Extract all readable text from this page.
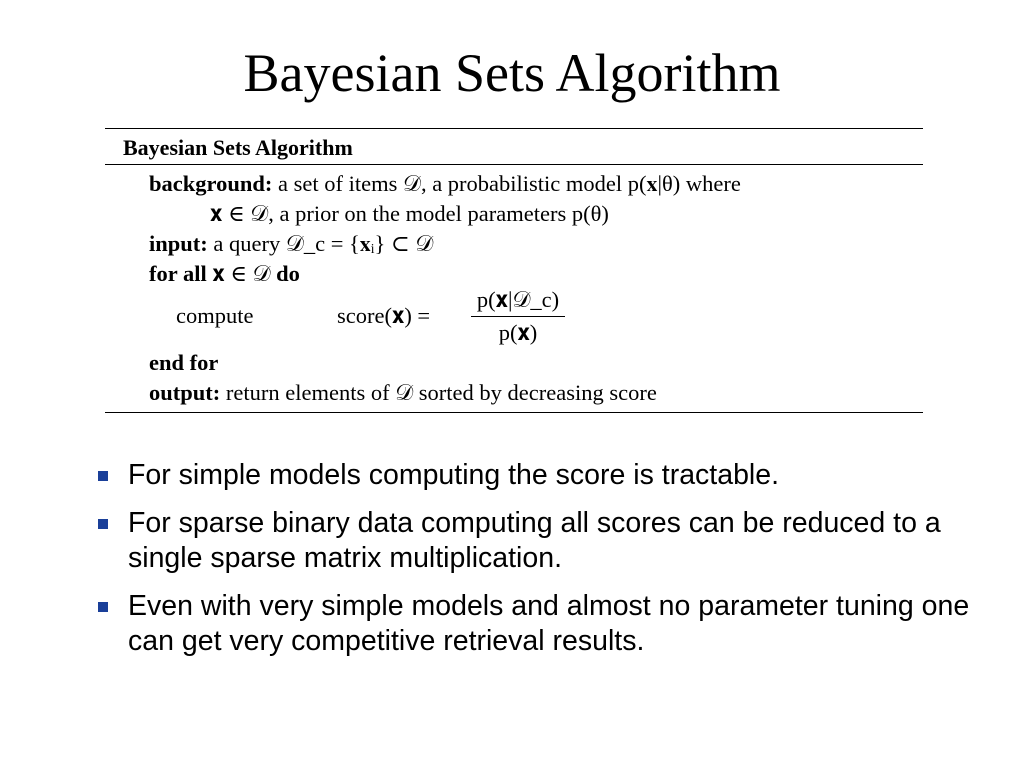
Bayesian Sets Algorithm
Bayesian Sets Algorithm
background: a set of items 𝒟, a probabilistic model p(𝐱|θ) where
𝐱 ∈ 𝒟, a prior on the model parameters p(θ)
input: a query 𝒟_c = {𝐱ᵢ} ⊂ 𝒟
for all 𝐱 ∈ 𝒟 do
compute	score(𝐱) =
p(𝐱|𝒟_c)
p(𝐱)
end for
output: return elements of 𝒟 sorted by decreasing score
For simple models computing the score is tractable.
For sparse binary data computing all scores can be reduced to a single sparse matrix multiplication.
Even with very simple models and almost no parameter tuning one can get very competitive retrieval results.
